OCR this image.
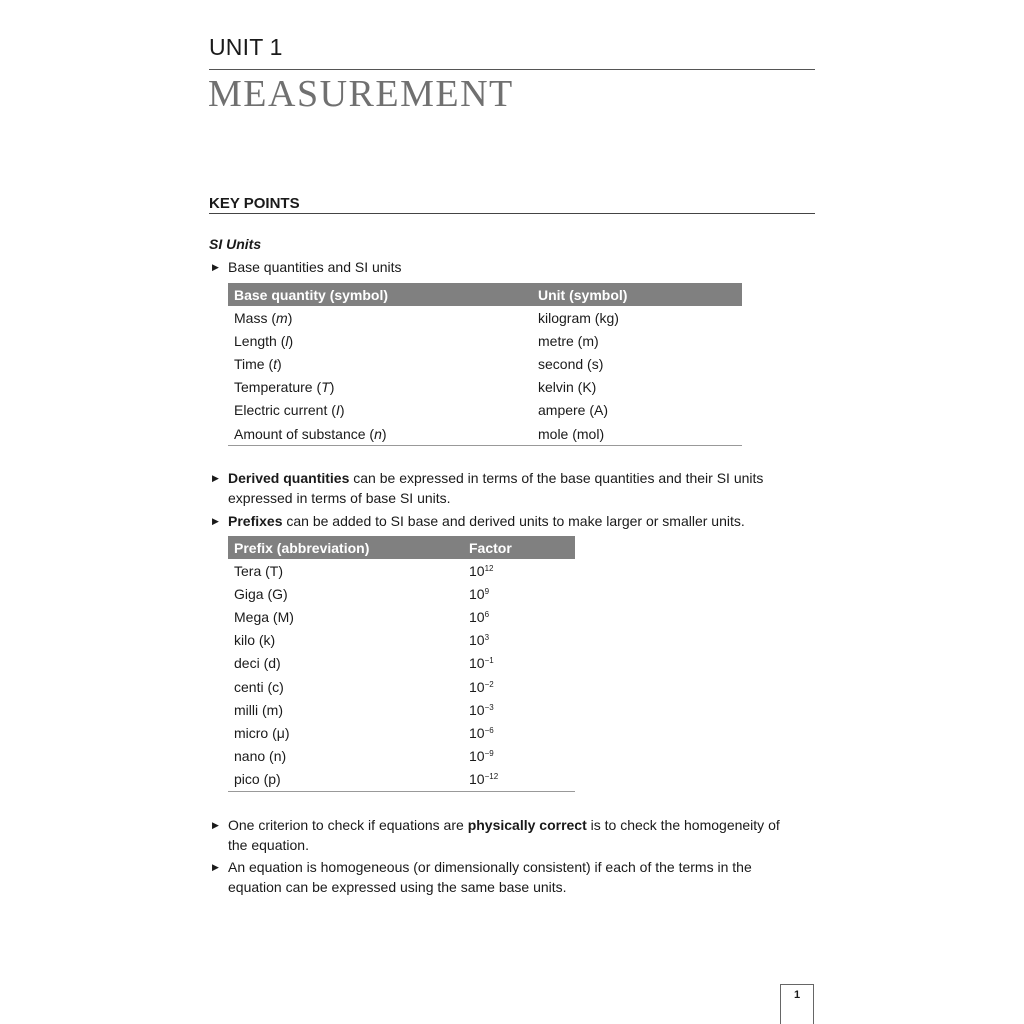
UNIT 1
MEASUREMENT
KEY POINTS
SI Units
▶ Base quantities and SI units
Base quantity (symbol)	Unit (symbol)
Mass (m)	kilogram (kg)
Length (l)	metre (m)
Time (t)	second (s)
Temperature (T)	kelvin (K)
Electric current (I)	ampere (A)
Amount of substance (n)	mole (mol)
▶ Derived quantities can be expressed in terms of the base quantities and their SI units expressed in terms of base SI units.
▶ Prefixes can be added to SI base and derived units to make larger or smaller units.
Prefix (abbreviation)	Factor
Tera (T)	$10^{12}$
Giga (G)	$10^9$
Mega (M)	$10^6$
kilo (k)	$10^3$
deci (d)	$10^{-1}$
centi (c)	$10^{-2}$
milli (m)	$10^{-3}$
micro (μ)	$10^{-6}$
nano (n)	$10^{-9}$
pico (p)	$10^{-12}$
▶ One criterion to check if equations are physically correct is to check the homogeneity of the equation.
▶ An equation is homogeneous (or dimensionally consistent) if each of the terms in the equation can be expressed using the same base units.
1
